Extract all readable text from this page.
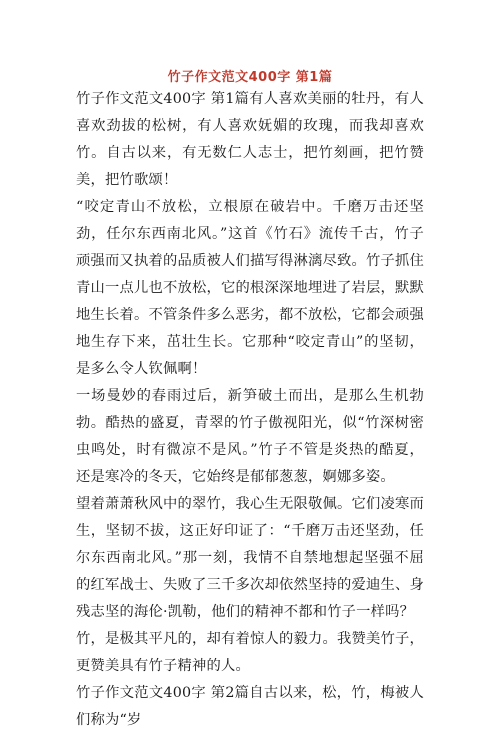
竹子作文范文400字 第1篇

竹子作文范文400字 第1篇有人喜欢美丽的牡丹，有人喜欢劲拔的松树，有人喜欢妩媚的玫瑰，而我却喜欢竹。自古以来，有无数仁人志士，把竹刻画，把竹赞美，把竹歌颂！

“咬定青山不放松，立根原在破岩中。千磨万击还坚劲，任尔东西南北风。”这首《竹石》流传千古，竹子顽强而又执着的品质被人们描写得淋漓尽致。竹子抓住青山一点儿也不放松，它的根深深地埋进了岩层，默默地生长着。不管条件多么恶劣，都不放松，它都会顽强地生存下来，茁壮生长。它那种“咬定青山”的坚韧，是多么令人钦佩啊！

一场曼妙的春雨过后，新笋破土而出，是那么生机勃勃。酷热的盛夏，青翠的竹子傲视阳光，似“竹深树密虫鸣处，时有微凉不是风。”竹子不管是炎热的酷夏，还是寒冷的冬天，它始终是郁郁葱葱，婀娜多姿。

望着萧萧秋风中的翠竹，我心生无限敬佩。它们凌寒而生，坚韧不拔，这正好印证了：“千磨万击还坚劲，任尔东西南北风。”那一刻，我情不自禁地想起坚强不屈的红军战士、失败了三千多次却依然坚持的爱迪生、身残志坚的海伦·凯勒，他们的精神不都和竹子一样吗？

竹，是极其平凡的，却有着惊人的毅力。我赞美竹子，更赞美具有竹子精神的人。

竹子作文范文400字 第2篇自古以来，松，竹，梅被人们称为“岁
